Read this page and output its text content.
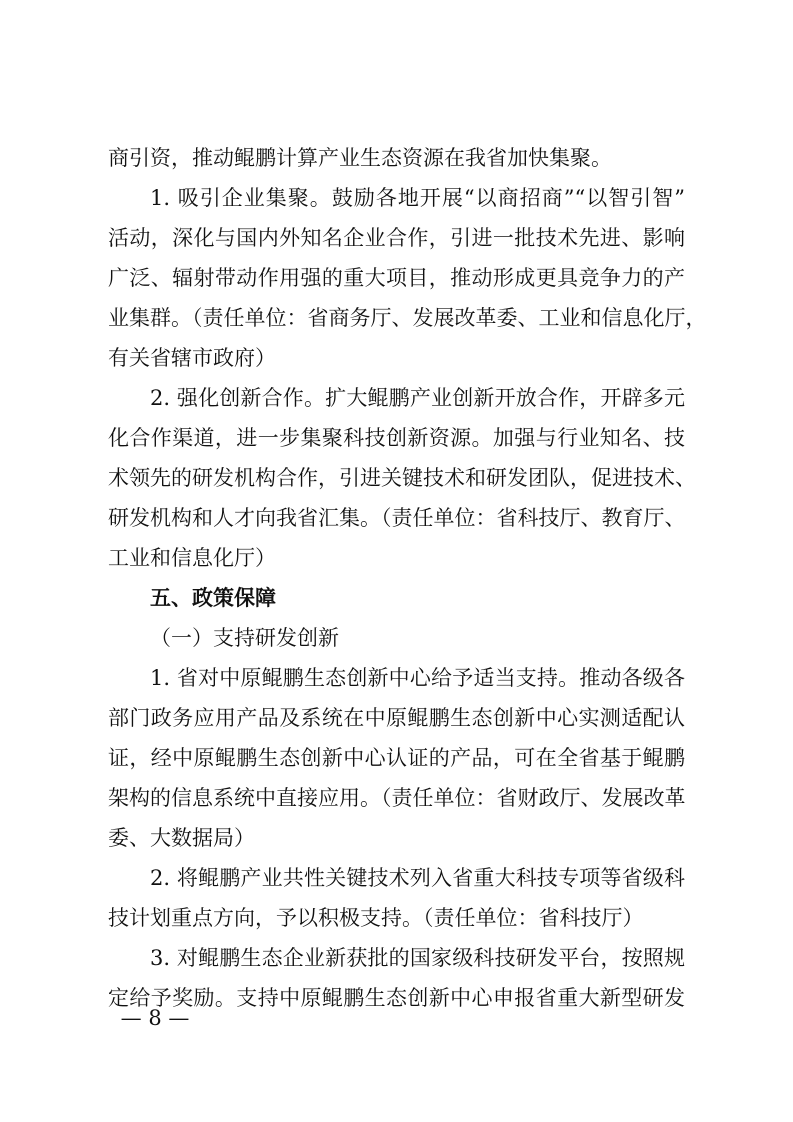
商引资，推动鲲鹏计算产业生态资源在我省加快集聚。
1. 吸引企业集聚。鼓励各地开展“以商招商”“以智引智”
活动，深化与国内外知名企业合作，引进一批技术先进、影响
广泛、辐射带动作用强的重大项目，推动形成更具竞争力的产
业集群。（责任单位：省商务厅、发展改革委、工业和信息化厅，
有关省辖市政府）
2. 强化创新合作。扩大鲲鹏产业创新开放合作，开辟多元
化合作渠道，进一步集聚科技创新资源。加强与行业知名、技
术领先的研发机构合作，引进关键技术和研发团队，促进技术、
研发机构和人才向我省汇集。（责任单位：省科技厅、教育厅、
工业和信息化厅）
五、政策保障
（一）支持研发创新
1. 省对中原鲲鹏生态创新中心给予适当支持。推动各级各
部门政务应用产品及系统在中原鲲鹏生态创新中心实测适配认
证，经中原鲲鹏生态创新中心认证的产品，可在全省基于鲲鹏
架构的信息系统中直接应用。（责任单位：省财政厅、发展改革
委、大数据局）
2. 将鲲鹏产业共性关键技术列入省重大科技专项等省级科
技计划重点方向，予以积极支持。（责任单位：省科技厅）
3. 对鲲鹏生态企业新获批的国家级科技研发平台，按照规
定给予奖励。支持中原鲲鹏生态创新中心申报省重大新型研发
— 8 —
